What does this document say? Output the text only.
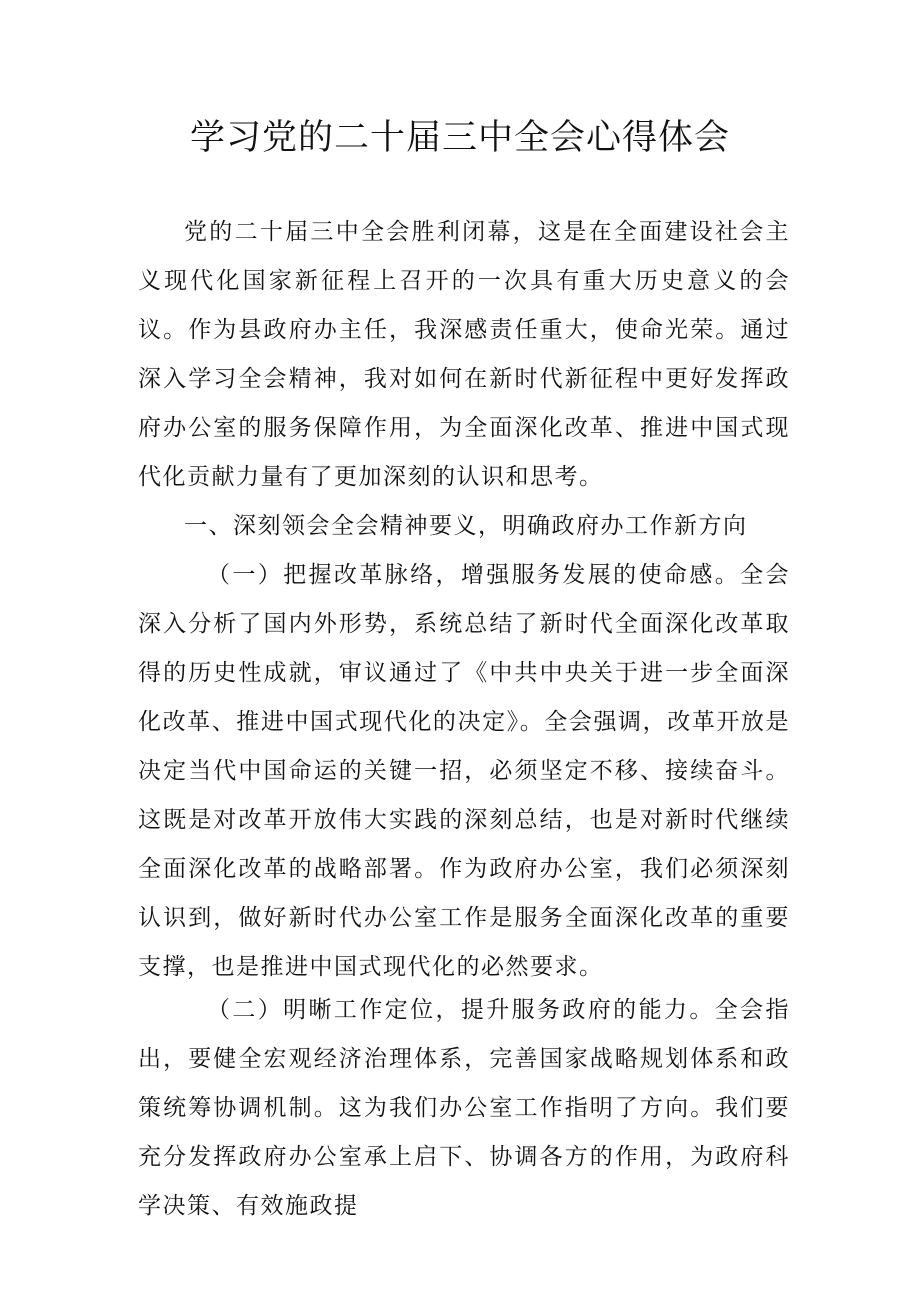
学习党的二十届三中全会心得体会

党的二十届三中全会胜利闭幕，这是在全面建设社会主义现代化国家新征程上召开的一次具有重大历史意义的会议。作为县政府办主任，我深感责任重大，使命光荣。通过深入学习全会精神，我对如何在新时代新征程中更好发挥政府办公室的服务保障作用，为全面深化改革、推进中国式现代化贡献力量有了更加深刻的认识和思考。

一、深刻领会全会精神要义，明确政府办工作新方向

（一）把握改革脉络，增强服务发展的使命感。全会深入分析了国内外形势，系统总结了新时代全面深化改革取得的历史性成就，审议通过了《中共中央关于进一步全面深化改革、推进中国式现代化的决定》。全会强调，改革开放是决定当代中国命运的关键一招，必须坚定不移、接续奋斗。这既是对改革开放伟大实践的深刻总结，也是对新时代继续全面深化改革的战略部署。作为政府办公室，我们必须深刻认识到，做好新时代办公室工作是服务全面深化改革的重要支撑，也是推进中国式现代化的必然要求。

（二）明晰工作定位，提升服务政府的能力。全会指出，要健全宏观经济治理体系，完善国家战略规划体系和政策统筹协调机制。这为我们办公室工作指明了方向。我们要充分发挥政府办公室承上启下、协调各方的作用，为政府科学决策、有效施政提
